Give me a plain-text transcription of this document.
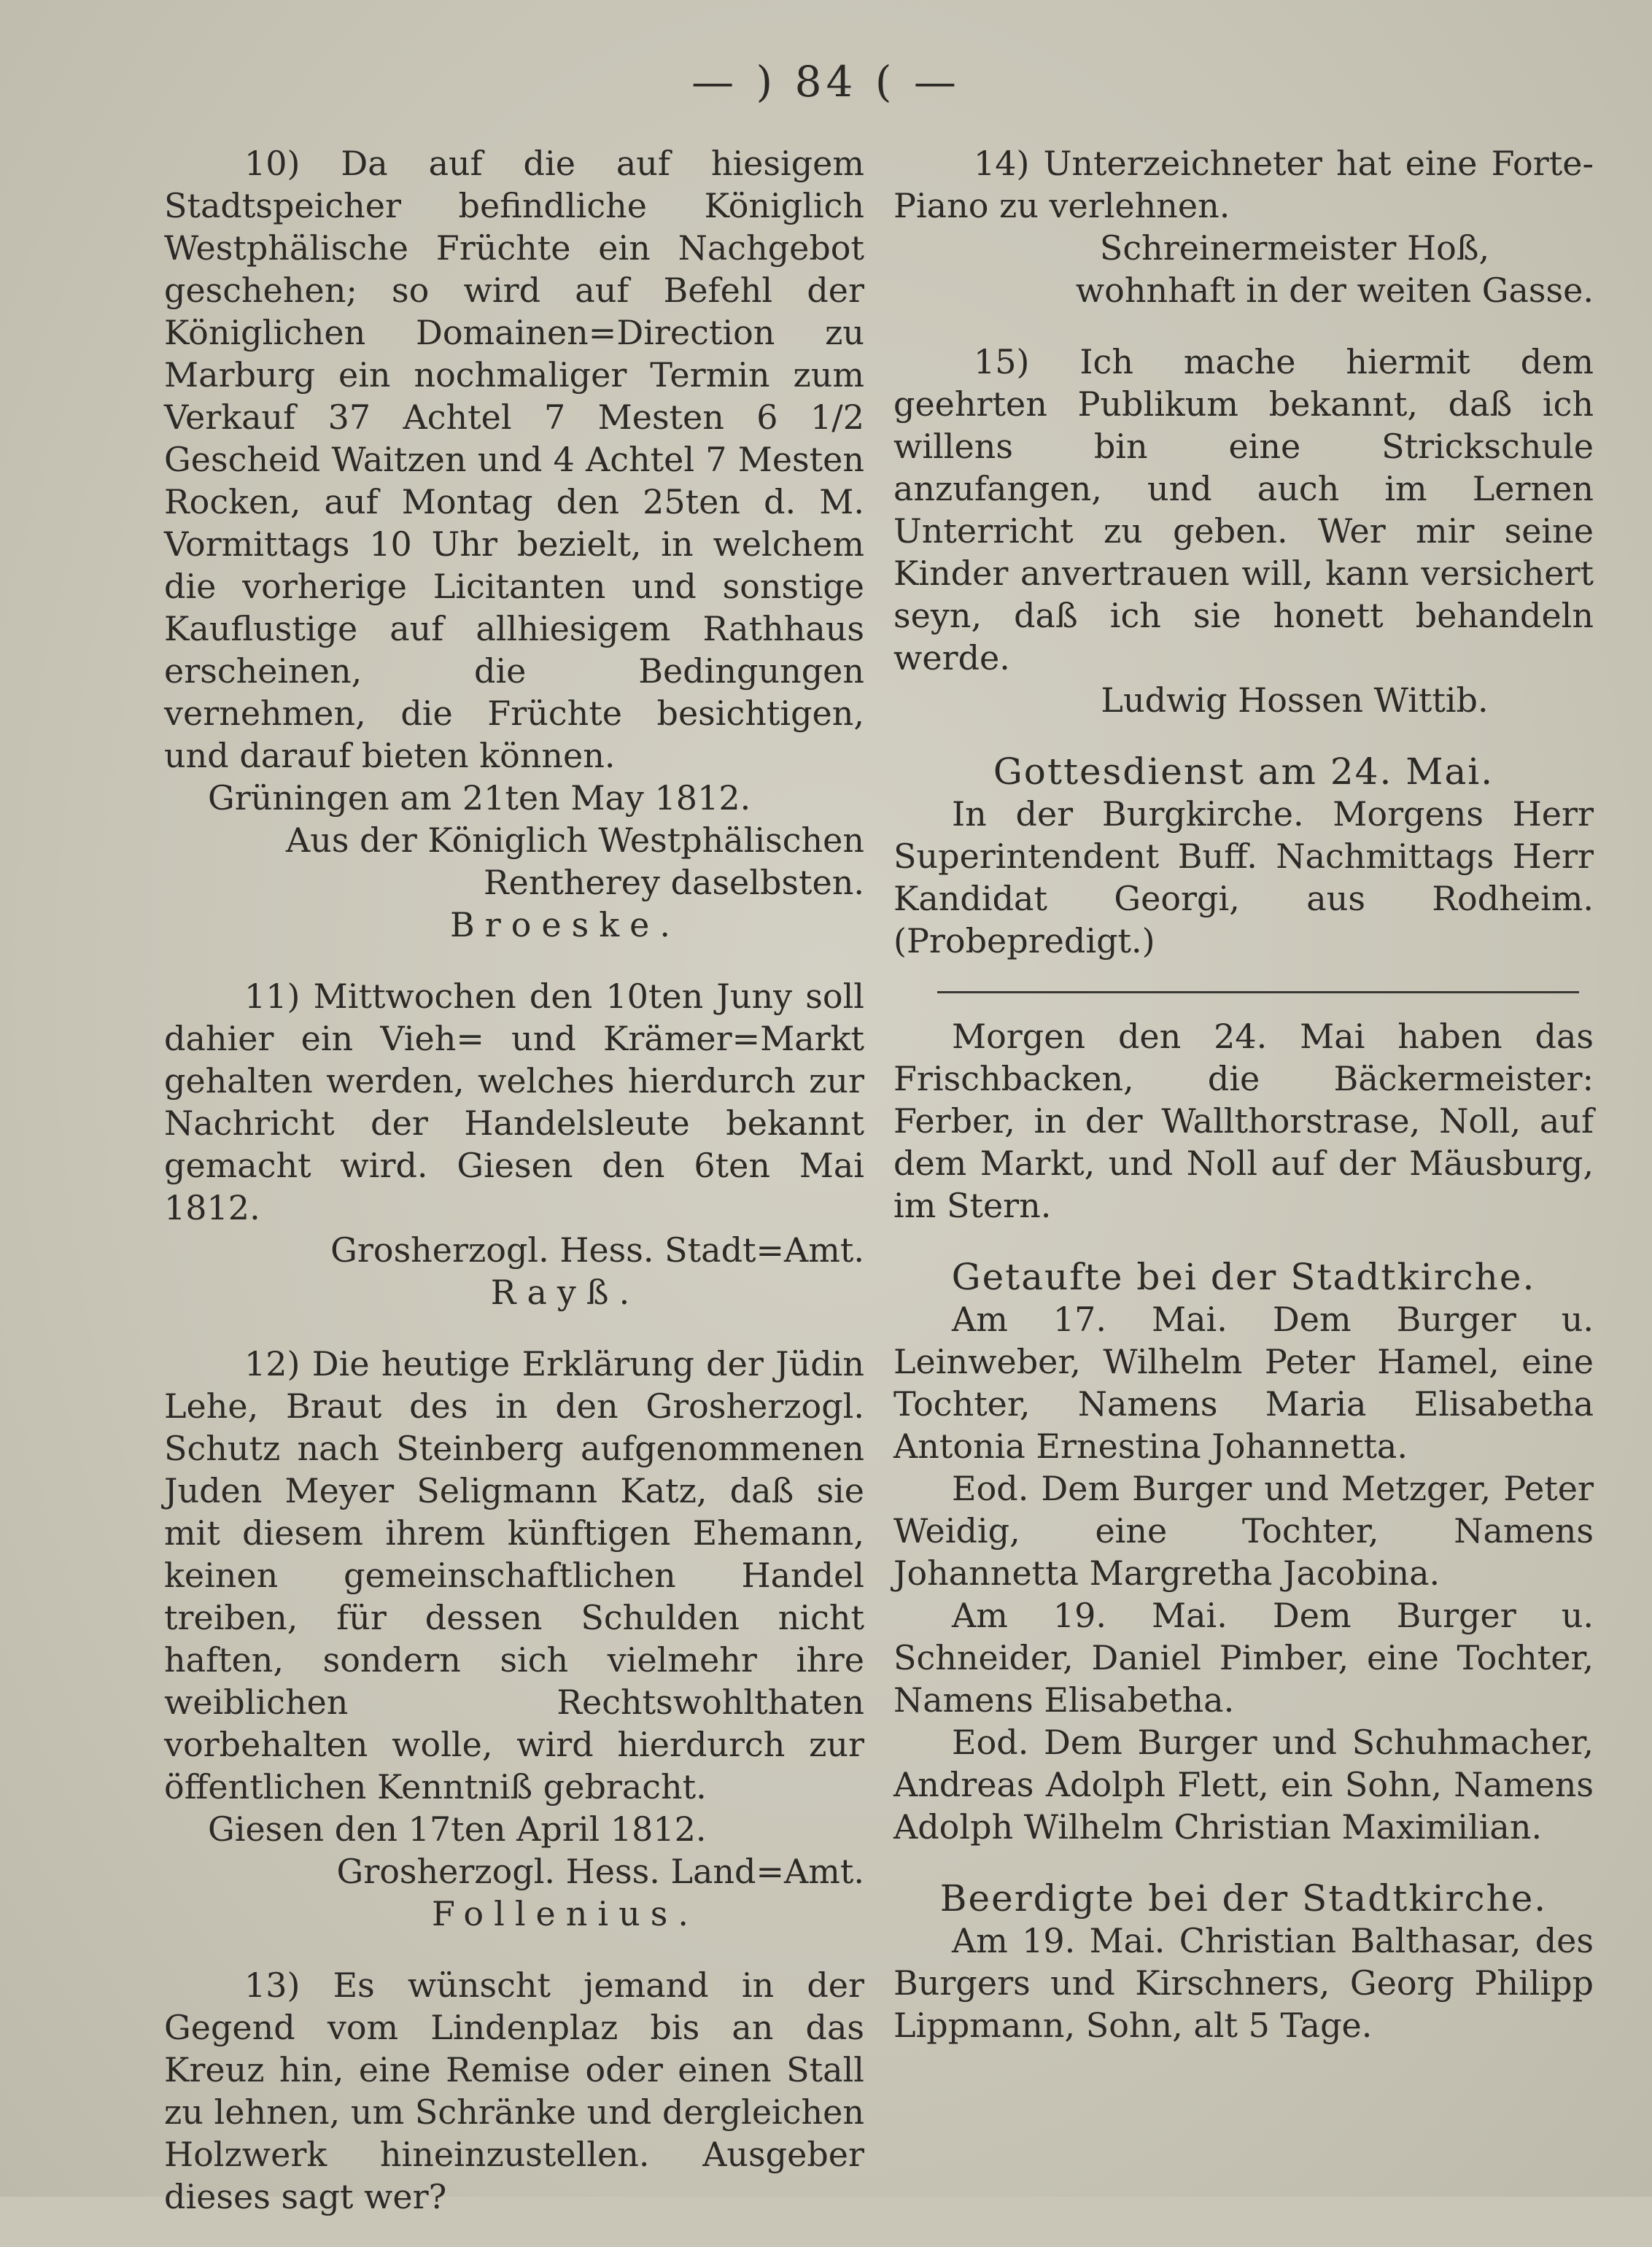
— ) 84 ( —

10) Da auf die auf hiesigem Stadtspeicher befindliche Königlich Westphälische Früchte ein Nachgebot geschehen; so wird auf Befehl der Königlichen Domainen=Direction zu Marburg ein nochmaliger Termin zum Verkauf 37 Achtel 7 Mesten 6 1/2 Gescheid Waitzen und 4 Achtel 7 Mesten Rocken, auf Montag den 25ten d. M. Vormittags 10 Uhr bezielt, in welchem die vorherige Licitanten und sonstige Kauflustige auf allhiesigem Rathhaus erscheinen, die Bedingungen vernehmen, die Früchte besichtigen, und darauf bieten können.

Grüningen am 21ten May 1812.

Aus der Königlich Westphälischen Rentherey daselbsten.

Broeske.

11) Mittwochen den 10ten Juny soll dahier ein Vieh= und Krämer=Markt gehalten werden, welches hierdurch zur Nachricht der Handelsleute bekannt gemacht wird. Giesen den 6ten Mai 1812.

Grosherzogl. Hess. Stadt=Amt.

Rayß.

12) Die heutige Erklärung der Jüdin Lehe, Braut des in den Grosherzogl. Schutz nach Steinberg aufgenommenen Juden Meyer Seligmann Katz, daß sie mit diesem ihrem künftigen Ehemann, keinen gemeinschaftlichen Handel treiben, für dessen Schulden nicht haften, sondern sich vielmehr ihre weiblichen Rechtswohlthaten vorbehalten wolle, wird hierdurch zur öffentlichen Kenntniß gebracht.

Giesen den 17ten April 1812.

Grosherzogl. Hess. Land=Amt.

Follenius.

13) Es wünscht jemand in der Gegend vom Lindenplaz bis an das Kreuz hin, eine Remise oder einen Stall zu lehnen, um Schränke und dergleichen Holzwerk hineinzustellen. Ausgeber dieses sagt wer?

14) Unterzeichneter hat eine Forte-Piano zu verlehnen.

Schreinermeister Hoß,

wohnhaft in der weiten Gasse.

15) Ich mache hiermit dem geehrten Publikum bekannt, daß ich willens bin eine Strickschule anzufangen, und auch im Lernen Unterricht zu geben. Wer mir seine Kinder anvertrauen will, kann versichert seyn, daß ich sie honett behandeln werde.

Ludwig Hossen Wittib.

Gottesdienst am 24. Mai.

In der Burgkirche. Morgens Herr Superintendent Buff. Nachmittags Herr Kandidat Georgi, aus Rodheim. (Probepredigt.)

Morgen den 24. Mai haben das Frischbacken, die Bäckermeister: Ferber, in der Wallthorstrase, Noll, auf dem Markt, und Noll auf der Mäusburg, im Stern.

Getaufte bei der Stadtkirche.

Am 17. Mai. Dem Burger u. Leinweber, Wilhelm Peter Hamel, eine Tochter, Namens Maria Elisabetha Antonia Ernestina Johannetta.

Eod. Dem Burger und Metzger, Peter Weidig, eine Tochter, Namens Johannetta Margretha Jacobina.

Am 19. Mai. Dem Burger u. Schneider, Daniel Pimber, eine Tochter, Namens Elisabetha.

Eod. Dem Burger und Schuhmacher, Andreas Adolph Flett, ein Sohn, Namens Adolph Wilhelm Christian Maximilian.

Beerdigte bei der Stadtkirche.

Am 19. Mai. Christian Balthasar, des Burgers und Kirschners, Georg Philipp Lippmann, Sohn, alt 5 Tage.
